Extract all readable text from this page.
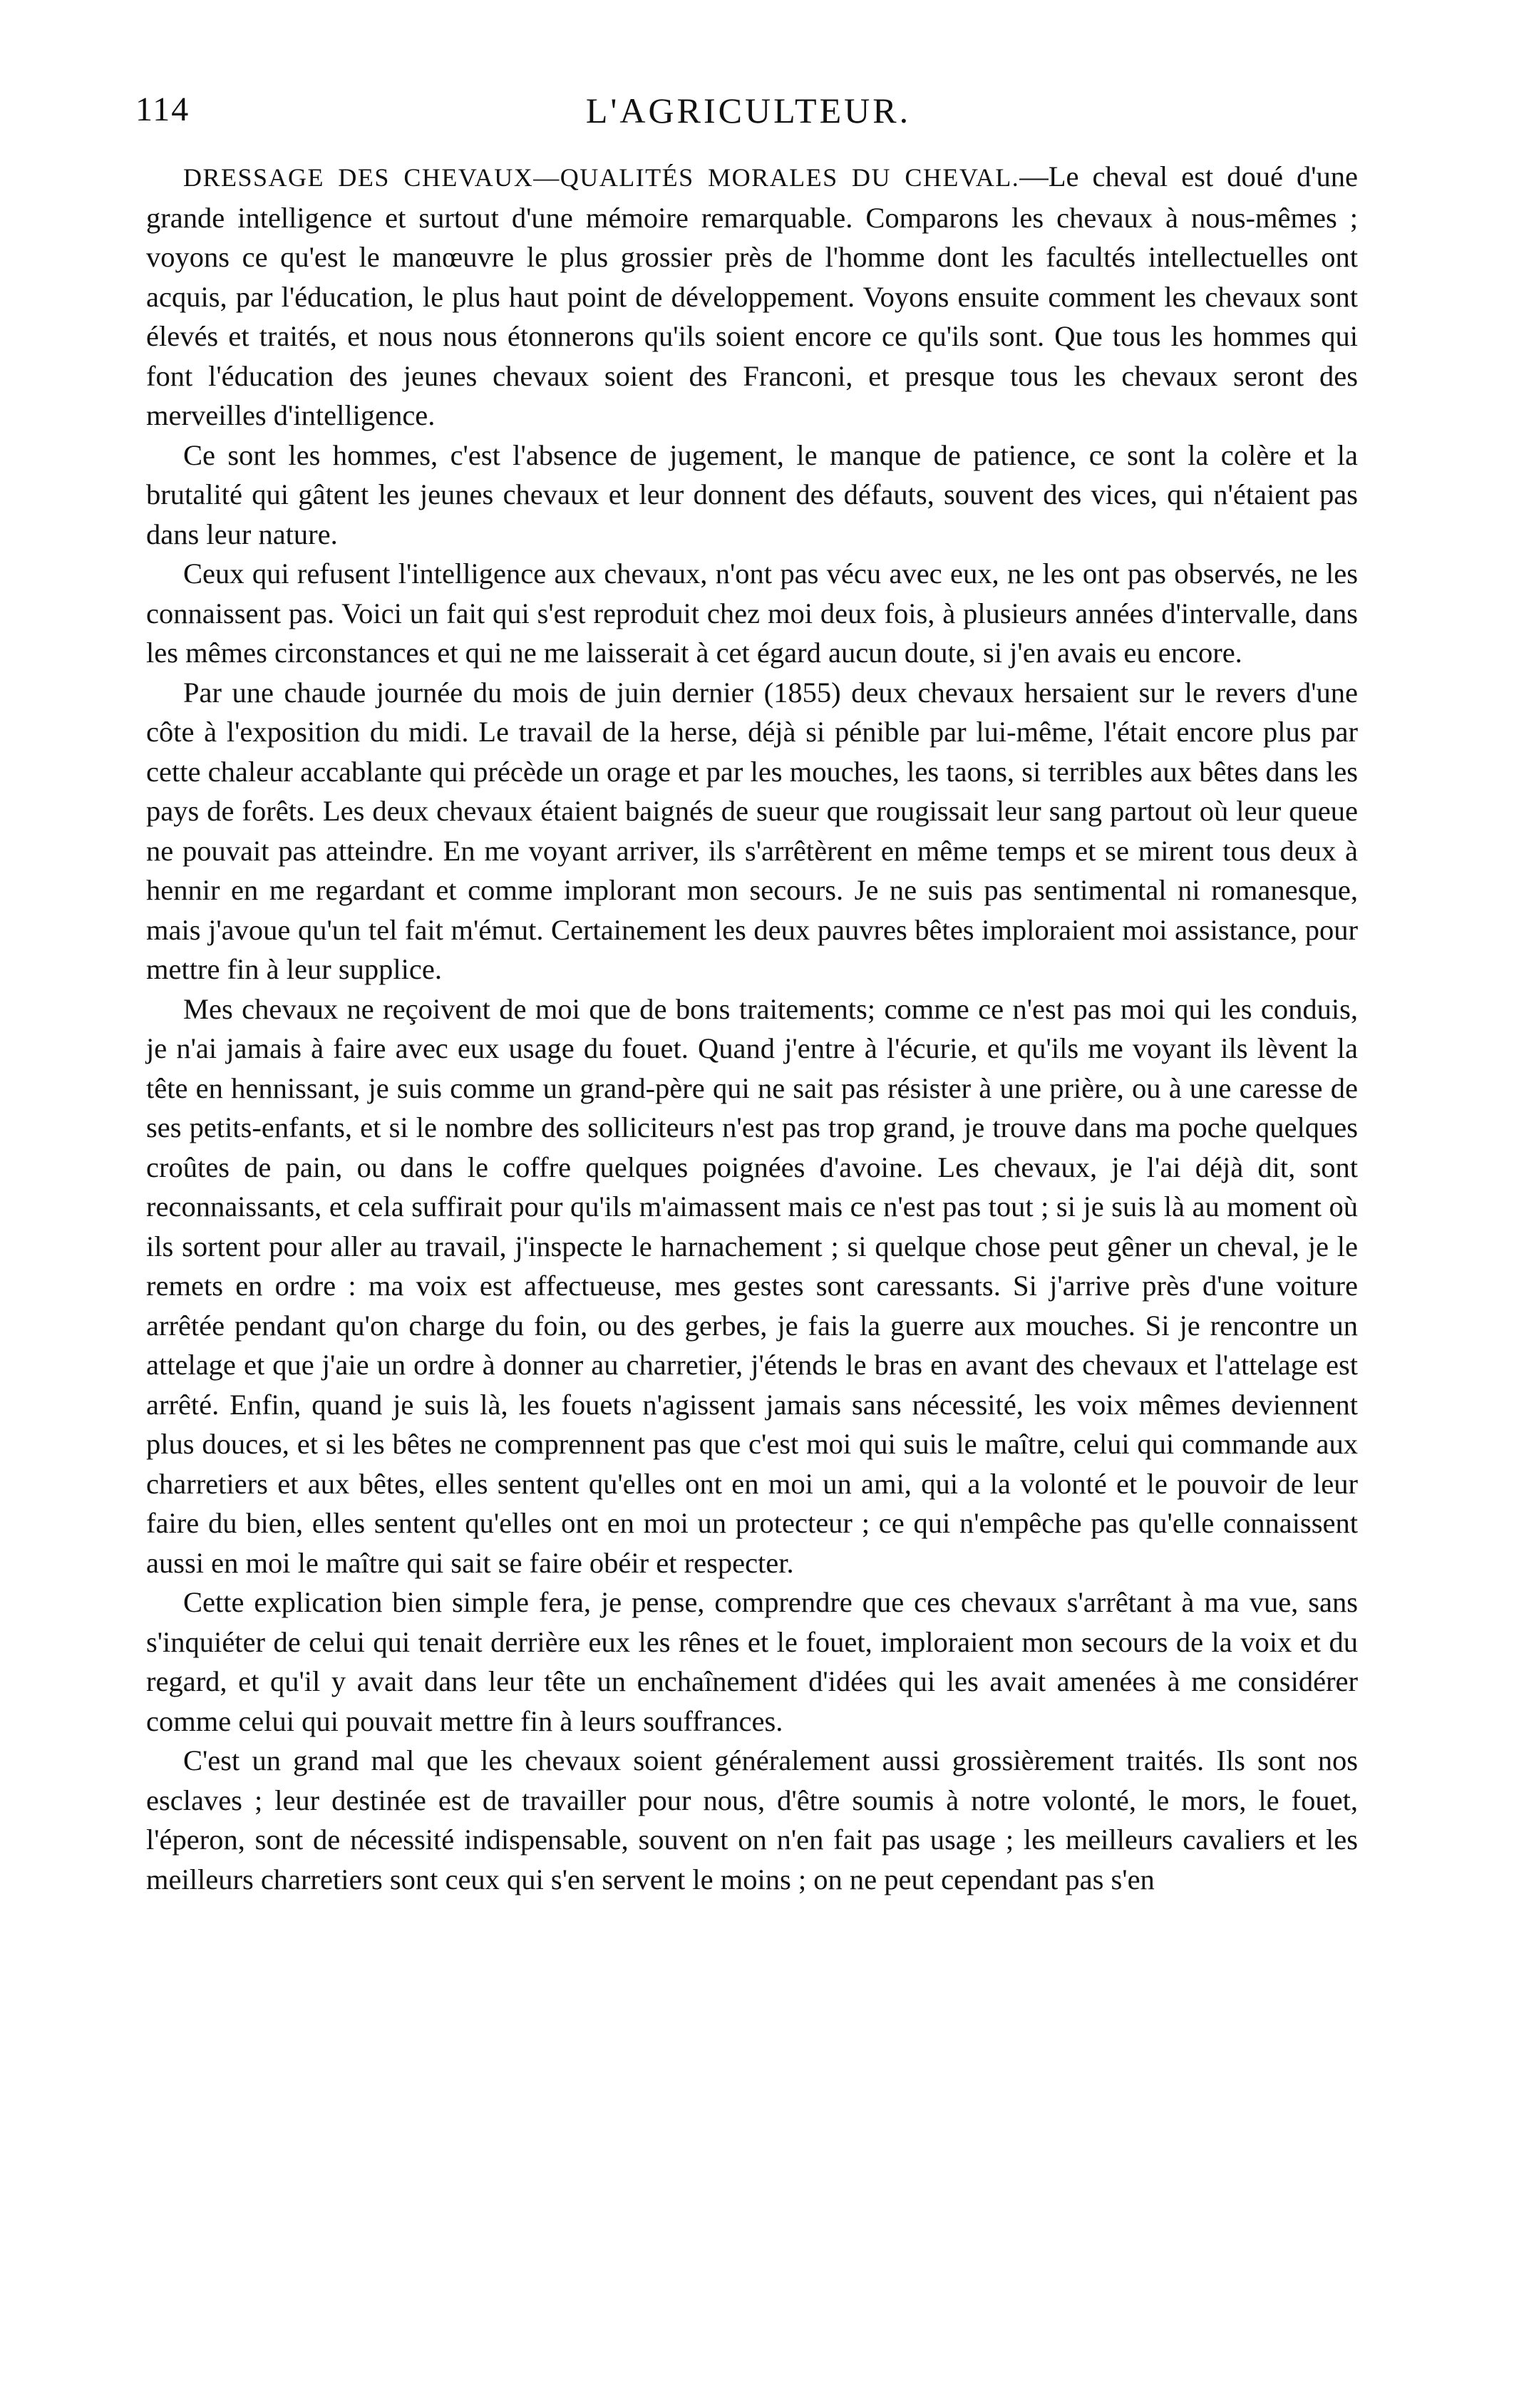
114	L'AGRICULTEUR.

DRESSAGE DES CHEVAUX—QUALITÉS MORALES DU CHEVAL.—Le cheval est doué d'une grande intelligence et surtout d'une mémoire remarquable. Comparons les chevaux à nous-mêmes ; voyons ce qu'est le manœuvre le plus grossier près de l'homme dont les facultés intellectuelles ont acquis, par l'éducation, le plus haut point de développement. Voyons ensuite comment les chevaux sont élevés et traités, et nous nous étonnerons qu'ils soient encore ce qu'ils sont. Que tous les hommes qui font l'éducation des jeunes chevaux soient des Franconi, et presque tous les chevaux seront des merveilles d'intelligence.

Ce sont les hommes, c'est l'absence de jugement, le manque de patience, ce sont la colère et la brutalité qui gâtent les jeunes chevaux et leur donnent des défauts, souvent des vices, qui n'étaient pas dans leur nature.

Ceux qui refusent l'intelligence aux chevaux, n'ont pas vécu avec eux, ne les ont pas observés, ne les connaissent pas. Voici un fait qui s'est reproduit chez moi deux fois, à plusieurs années d'intervalle, dans les mêmes circonstances et qui ne me laisserait à cet égard aucun doute, si j'en avais eu encore.

Par une chaude journée du mois de juin dernier (1855) deux chevaux hersaient sur le revers d'une côte à l'exposition du midi. Le travail de la herse, déjà si pénible par lui-même, l'était encore plus par cette chaleur accablante qui précède un orage et par les mouches, les taons, si terribles aux bêtes dans les pays de forêts. Les deux chevaux étaient baignés de sueur que rougissait leur sang partout où leur queue ne pouvait pas atteindre. En me voyant arriver, ils s'arrêtèrent en même temps et se mirent tous deux à hennir en me regardant et comme implorant mon secours. Je ne suis pas sentimental ni romanesque, mais j'avoue qu'un tel fait m'émut. Certainement les deux pauvres bêtes imploraient moi assistance, pour mettre fin à leur supplice.

Mes chevaux ne reçoivent de moi que de bons traitements; comme ce n'est pas moi qui les conduis, je n'ai jamais à faire avec eux usage du fouet. Quand j'entre à l'écurie, et qu'ils me voyant ils lèvent la tête en hennissant, je suis comme un grand-père qui ne sait pas résister à une prière, ou à une caresse de ses petits-enfants, et si le nombre des solliciteurs n'est pas trop grand, je trouve dans ma poche quelques croûtes de pain, ou dans le coffre quelques poignées d'avoine. Les chevaux, je l'ai déjà dit, sont reconnaissants, et cela suffirait pour qu'ils m'aimassent mais ce n'est pas tout ; si je suis là au moment où ils sortent pour aller au travail, j'inspecte le harnachement ; si quelque chose peut gêner un cheval, je le remets en ordre : ma voix est affectueuse, mes gestes sont caressants. Si j'arrive près d'une voiture arrêtée pendant qu'on charge du foin, ou des gerbes, je fais la guerre aux mouches. Si je rencontre un attelage et que j'aie un ordre à donner au charretier, j'étends le bras en avant des chevaux et l'attelage est arrêté. Enfin, quand je suis là, les fouets n'agissent jamais sans nécessité, les voix mêmes deviennent plus douces, et si les bêtes ne comprennent pas que c'est moi qui suis le maître, celui qui commande aux charretiers et aux bêtes, elles sentent qu'elles ont en moi un ami, qui a la volonté et le pouvoir de leur faire du bien, elles sentent qu'elles ont en moi un protecteur ; ce qui n'empêche pas qu'elle connaissent aussi en moi le maître qui sait se faire obéir et respecter.

Cette explication bien simple fera, je pense, comprendre que ces chevaux s'arrêtant à ma vue, sans s'inquiéter de celui qui tenait derrière eux les rênes et le fouet, imploraient mon secours de la voix et du regard, et qu'il y avait dans leur tête un enchaînement d'idées qui les avait amenées à me considérer comme celui qui pouvait mettre fin à leurs souffrances.

C'est un grand mal que les chevaux soient généralement aussi grossièrement traités. Ils sont nos esclaves ; leur destinée est de travailler pour nous, d'être soumis à notre volonté, le mors, le fouet, l'éperon, sont de nécessité indispensable, souvent on n'en fait pas usage ; les meilleurs cavaliers et les meilleurs charretiers sont ceux qui s'en servent le moins ; on ne peut cependant pas s'en
